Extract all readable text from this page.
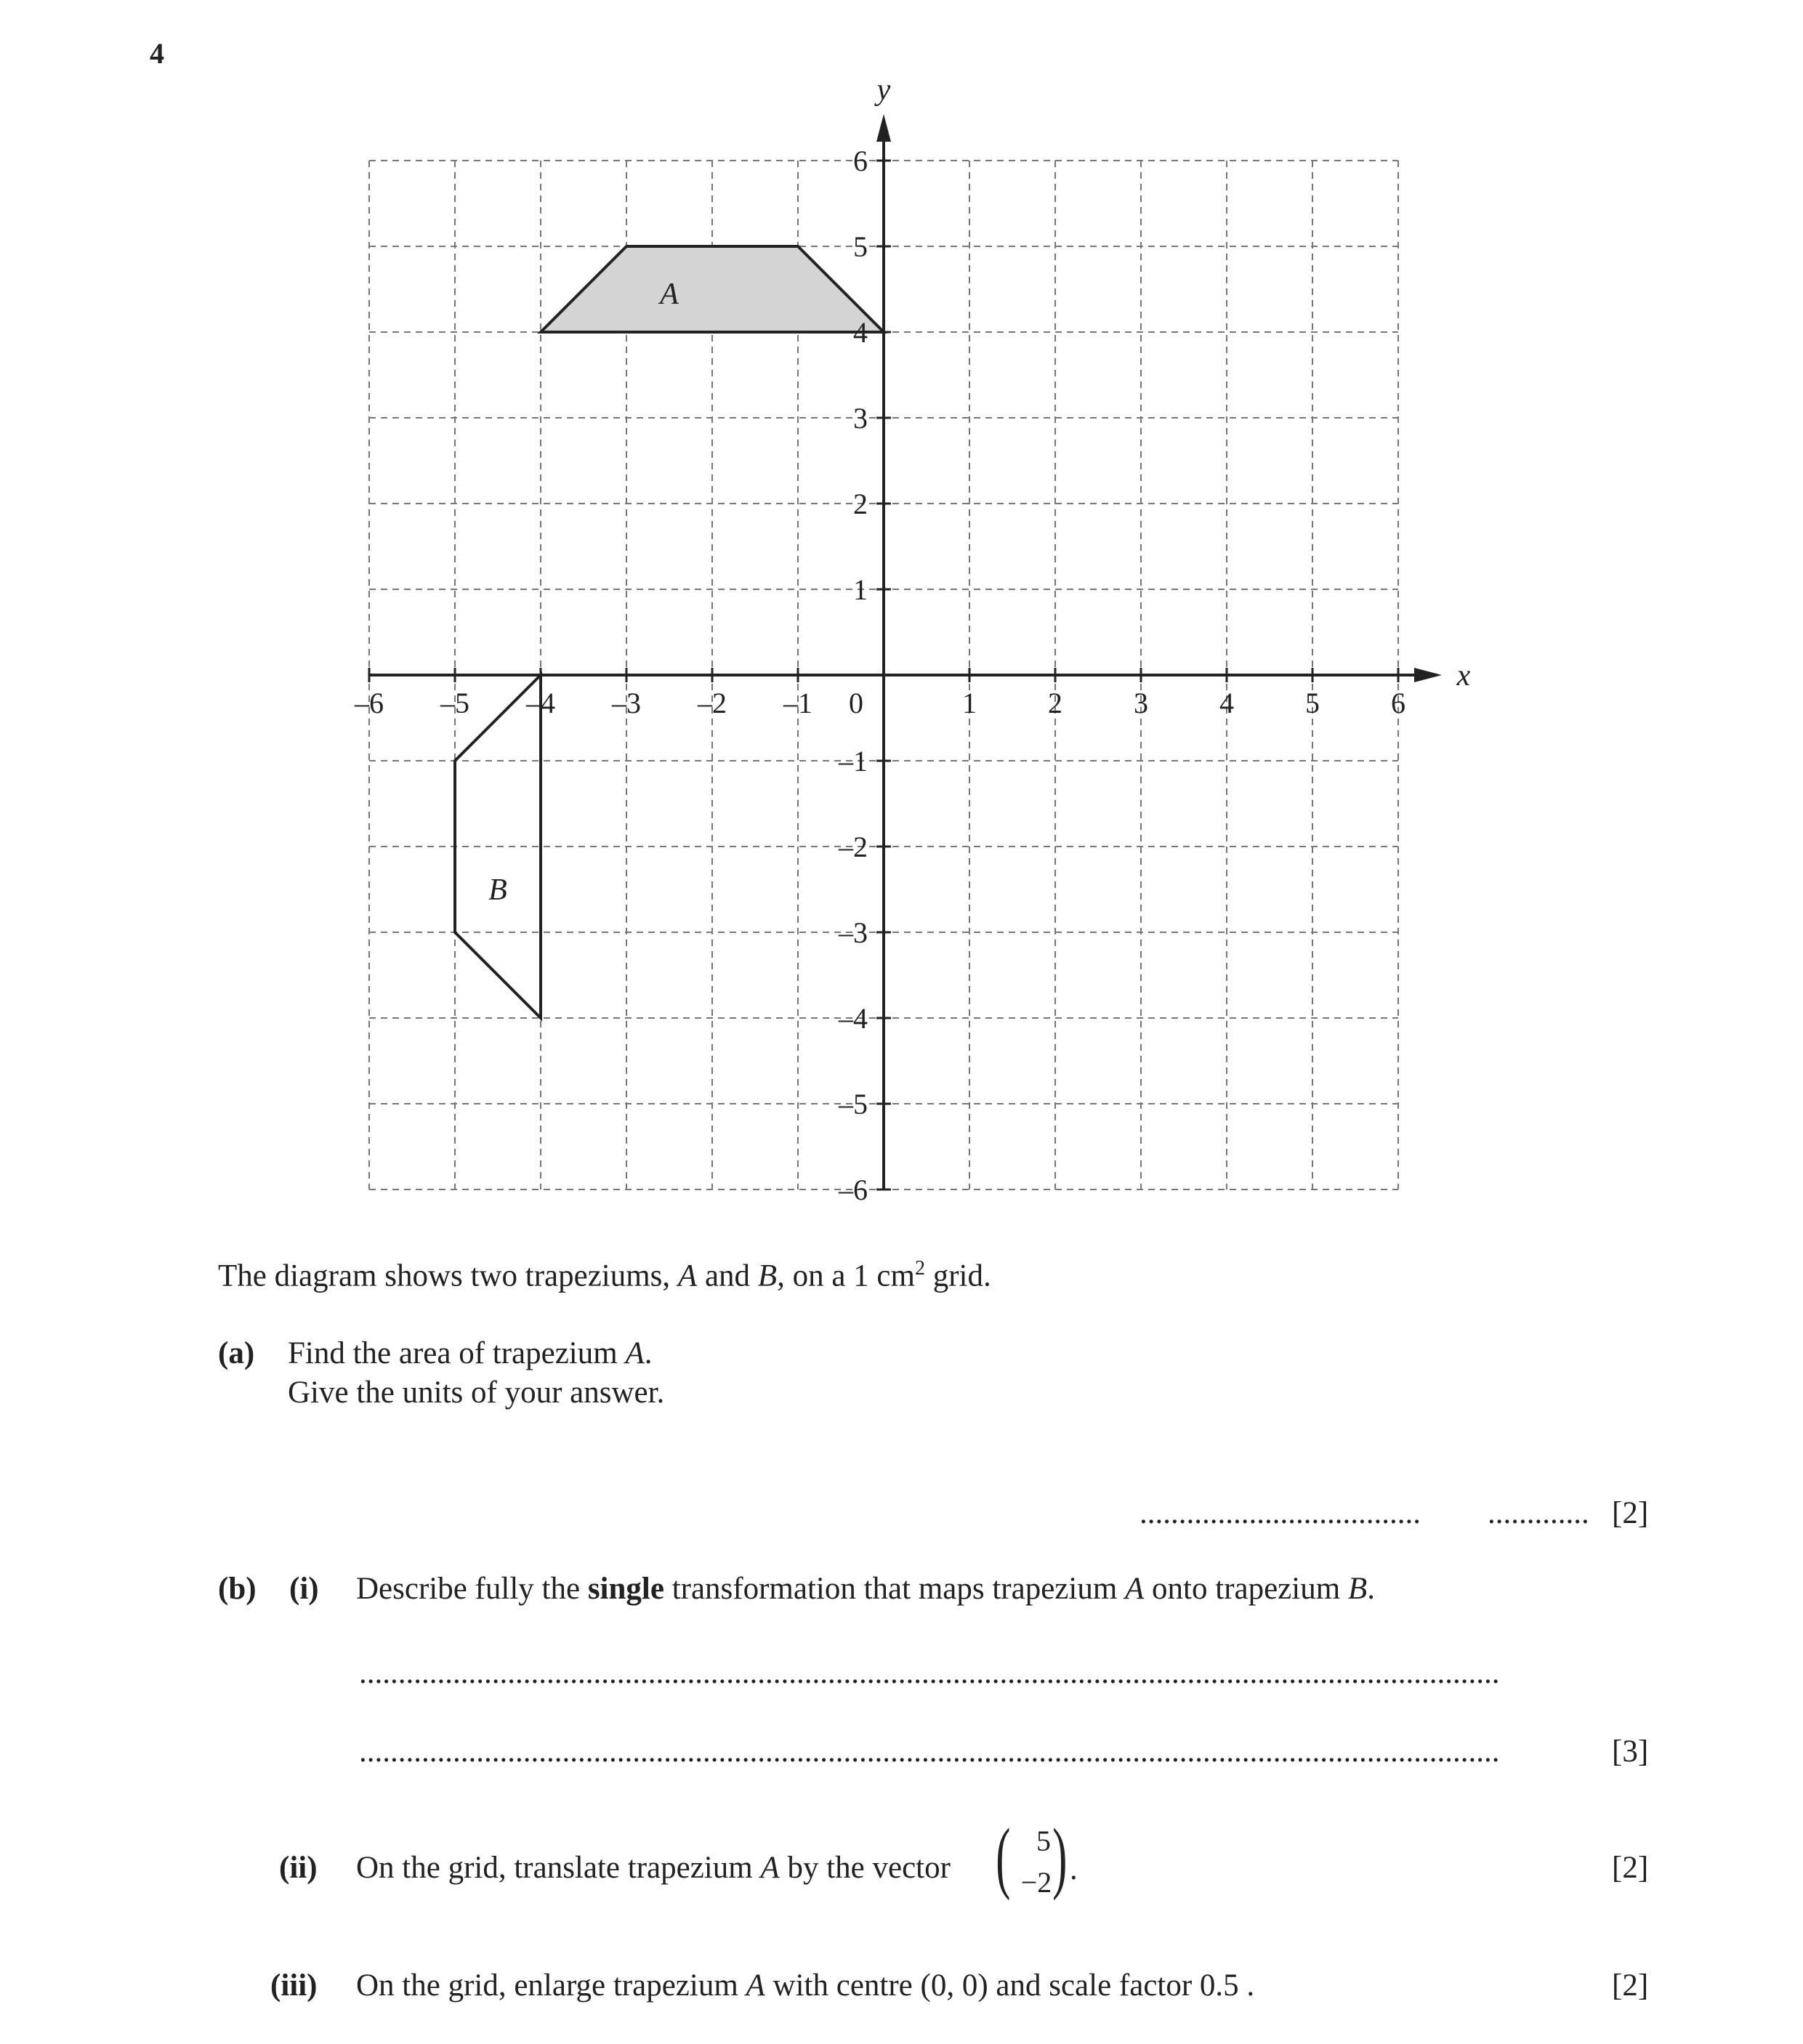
4
A
B
x
y
0
–6 –5 –4 –3 –2 –1	1 2 3 4 5 6
6
5
4
3
2
1
–1
–2
–3
–4
–5
–6
The diagram shows two trapeziums, A and B, on a 1 $cm^2$ grid.
(a) Find the area of trapezium A.
Give the units of your answer.
....................................	............. [2]
(b) (i) Describe fully the single transformation that maps trapezium A onto trapezium B.
..................................................................................................................................................
..................................................................................................................................................	[3]
(ii) On the grid, translate trapezium A by the vector ( 5
−2 ) .	[2]
(iii) On the grid, enlarge trapezium A with centre (0, 0) and scale factor 0.5 .	[2]
